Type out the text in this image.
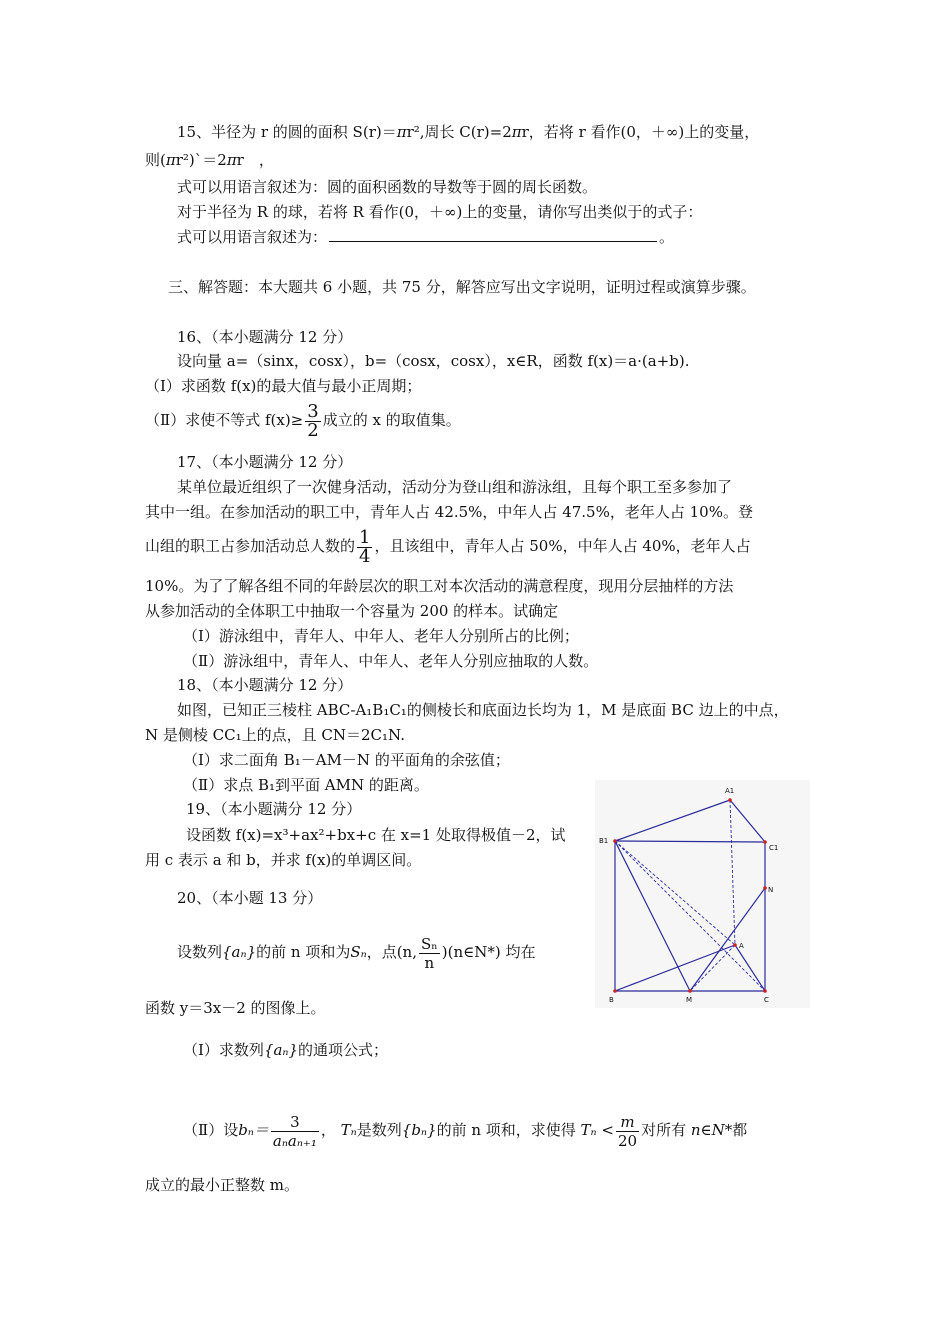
15、半径为 r 的圆的面积 S(r)＝πr²,周长 C(r)=2πr，若将 r 看作(0，＋∞)上的变量，
则(πr²)`＝2πr　，
式可以用语言叙述为：圆的面积函数的导数等于圆的周长函数。
对于半径为 R 的球，若将 R 看作(0，＋∞)上的变量，请你写出类似于的式子：
式可以用语言叙述为：	。
三、解答题：本大题共 6 小题，共 75 分，解答应写出文字说明，证明过程或演算步骤。
16、（本小题满分 12 分）
设向量 a=（sinx，cosx），b=（cosx，cosx），x∈R，函数 f(x)＝a·(a+b).
（Ⅰ）求函数 f(x)的最大值与最小正周期；
（Ⅱ）求使不等式 $f(x)\ge \frac{3}{2}$ 成立的 x 的取值集。
17、（本小题满分 12 分）
某单位最近组织了一次健身活动，活动分为登山组和游泳组，且每个职工至多参加了
其中一组。在参加活动的职工中，青年人占 42.5%，中年人占 47.5%，老年人占 10%。登
山组的职工占参加活动总人数的 $\frac{1}{4}$ ，且该组中，青年人占 50%，中年人占 40%，老年人占
10%。为了了解各组不同的年龄层次的职工对本次活动的满意程度，现用分层抽样的方法
从参加活动的全体职工中抽取一个容量为 200 的样本。试确定
（Ⅰ）游泳组中，青年人、中年人、老年人分别所占的比例；
（Ⅱ）游泳组中，青年人、中年人、老年人分别应抽取的人数。
18、（本小题满分 12 分）
如图，已知正三棱柱 ABC-A₁B₁C₁的侧棱长和底面边长均为 1，M 是底面 BC 边上的中点，
N 是侧棱 CC₁上的点，且 CN＝2C₁N.
（Ⅰ）求二面角 B₁－AM－N 的平面角的余弦值；
（Ⅱ）求点 B₁到平面 AMN 的距离。
19、（本小题满分 12 分）
设函数 f(x)=x³+ax²+bx+c 在 x=1 处取得极值－2，试
用 c 表示 a 和 b，并求 f(x)的单调区间。
20、（本小题 13 分）
设数列{aₙ}的前 n 项和为Sₙ，点(n, $\frac{\text{Sₙ}}{n}$ )(n∈N*) 均在
函数 y＝3x－2 的图像上。
（Ⅰ）求数列{aₙ}的通项公式；
（Ⅱ）设$b_n= \frac{3}{\text{aₙaₙ₊₁}}$ ， Tₙ是数列{bₙ}的前 n 项和，求使得 $T_n < \frac{m}{20}$ 对所有 n∈N*都
成立的最小正整数 m。
A1
B1
C1
N
A
B	M	C
